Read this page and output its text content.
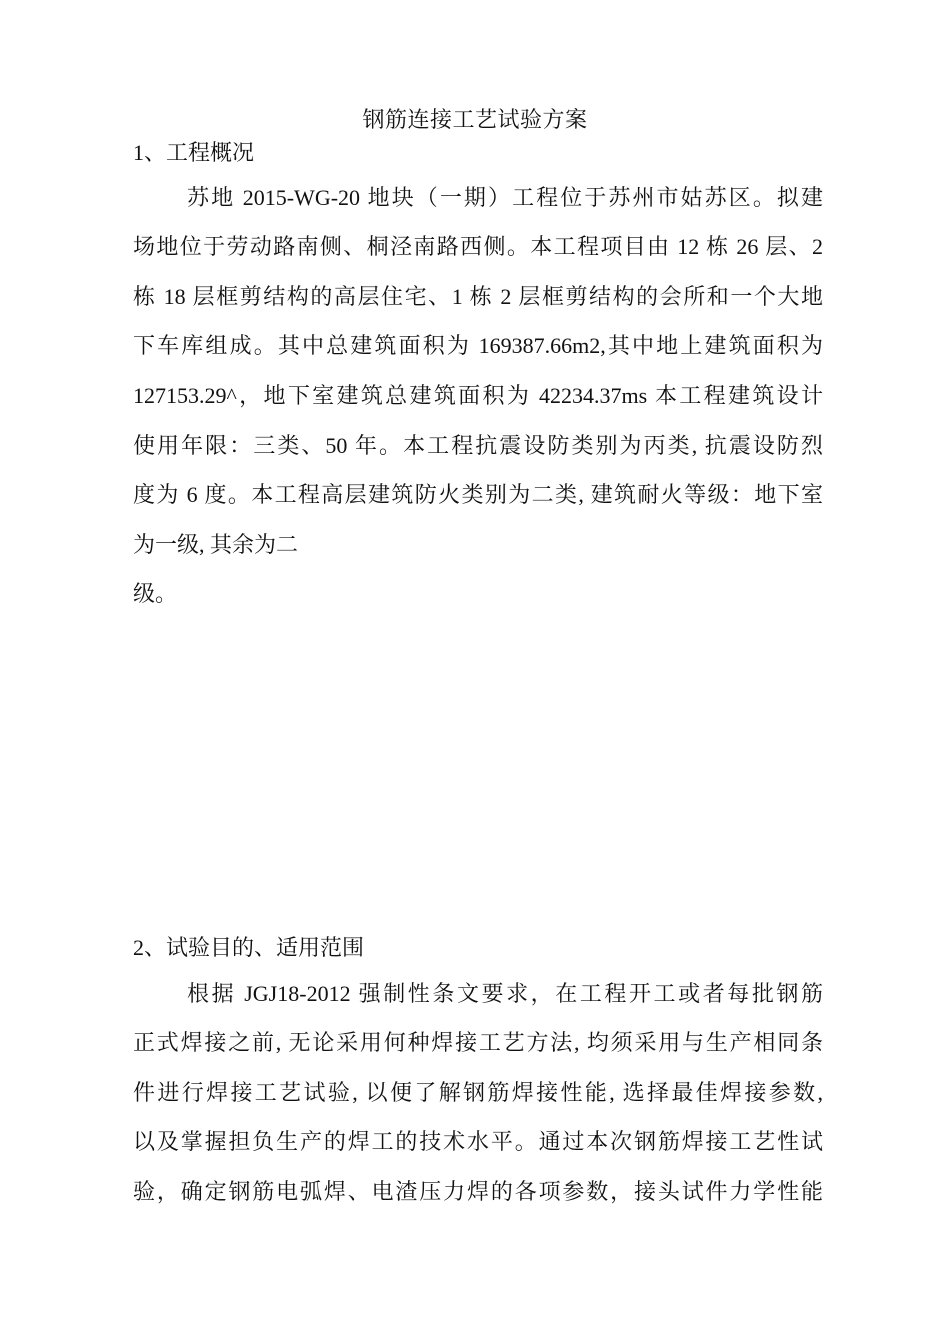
钢筋连接工艺试验方案
1、工程概况
苏地 2015-WG-20 地块（一期）工程位于苏州市姑苏区。拟建
场地位于劳动路南侧、桐泾南路西侧。本工程项目由 12 栋 26 层、2
栋 18 层框剪结构的高层住宅、1 栋 2 层框剪结构的会所和一个大地
下车库组成。其中总建筑面积为 169387.66m2,其中地上建筑面积为
127153.29^，地下室建筑总建筑面积为 42234.37ms 本工程建筑设计
使用年限：三类、50 年。本工程抗震设防类别为丙类, 抗震设防烈
度为 6 度。本工程高层建筑防火类别为二类, 建筑耐火等级：地下室
为一级, 其余为二
级。
2、试验目的、适用范围
根据 JGJ18-2012 强制性条文要求，在工程开工或者每批钢筋
正式焊接之前, 无论采用何种焊接工艺方法, 均须采用与生产相同条
件进行焊接工艺试验, 以便了解钢筋焊接性能, 选择最佳焊接参数,
以及掌握担负生产的焊工的技术水平。通过本次钢筋焊接工艺性试
验，确定钢筋电弧焊、电渣压力焊的各项参数，接头试件力学性能
